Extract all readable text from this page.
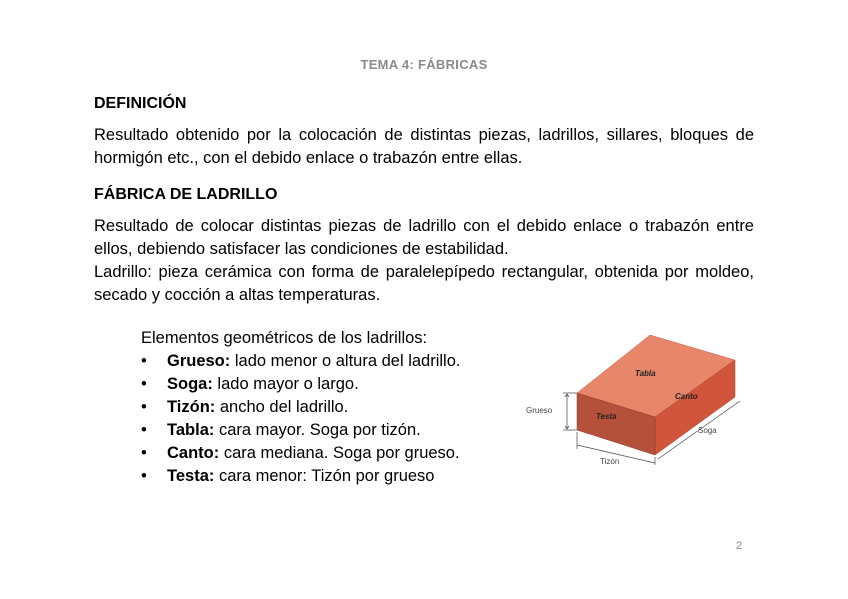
TEMA 4: FÁBRICAS
DEFINICIÓN

Resultado obtenido por la colocación de distintas piezas, ladrillos, sillares, bloques de hormigón etc., con el debido enlace o trabazón entre ellas.

FÁBRICA DE LADRILLO

Resultado de colocar distintas piezas de ladrillo con el debido enlace o trabazón entre ellos, debiendo satisfacer las condiciones de estabilidad.

Ladrillo: pieza cerámica con forma de paralelepípedo rectangular, obtenida por moldeo, secado y cocción a altas temperaturas.

Elementos geométricos de los ladrillos:
• Grueso: lado menor o altura del ladrillo.
• Soga: lado mayor o largo.
• Tizón: ancho del ladrillo.
• Tabla: cara mayor. Soga por tizón.
• Canto: cara mediana. Soga por grueso.
• Testa: cara menor: Tizón por grueso
Tabla
Canto
Testa
Grueso
Tizón
Soga
2
